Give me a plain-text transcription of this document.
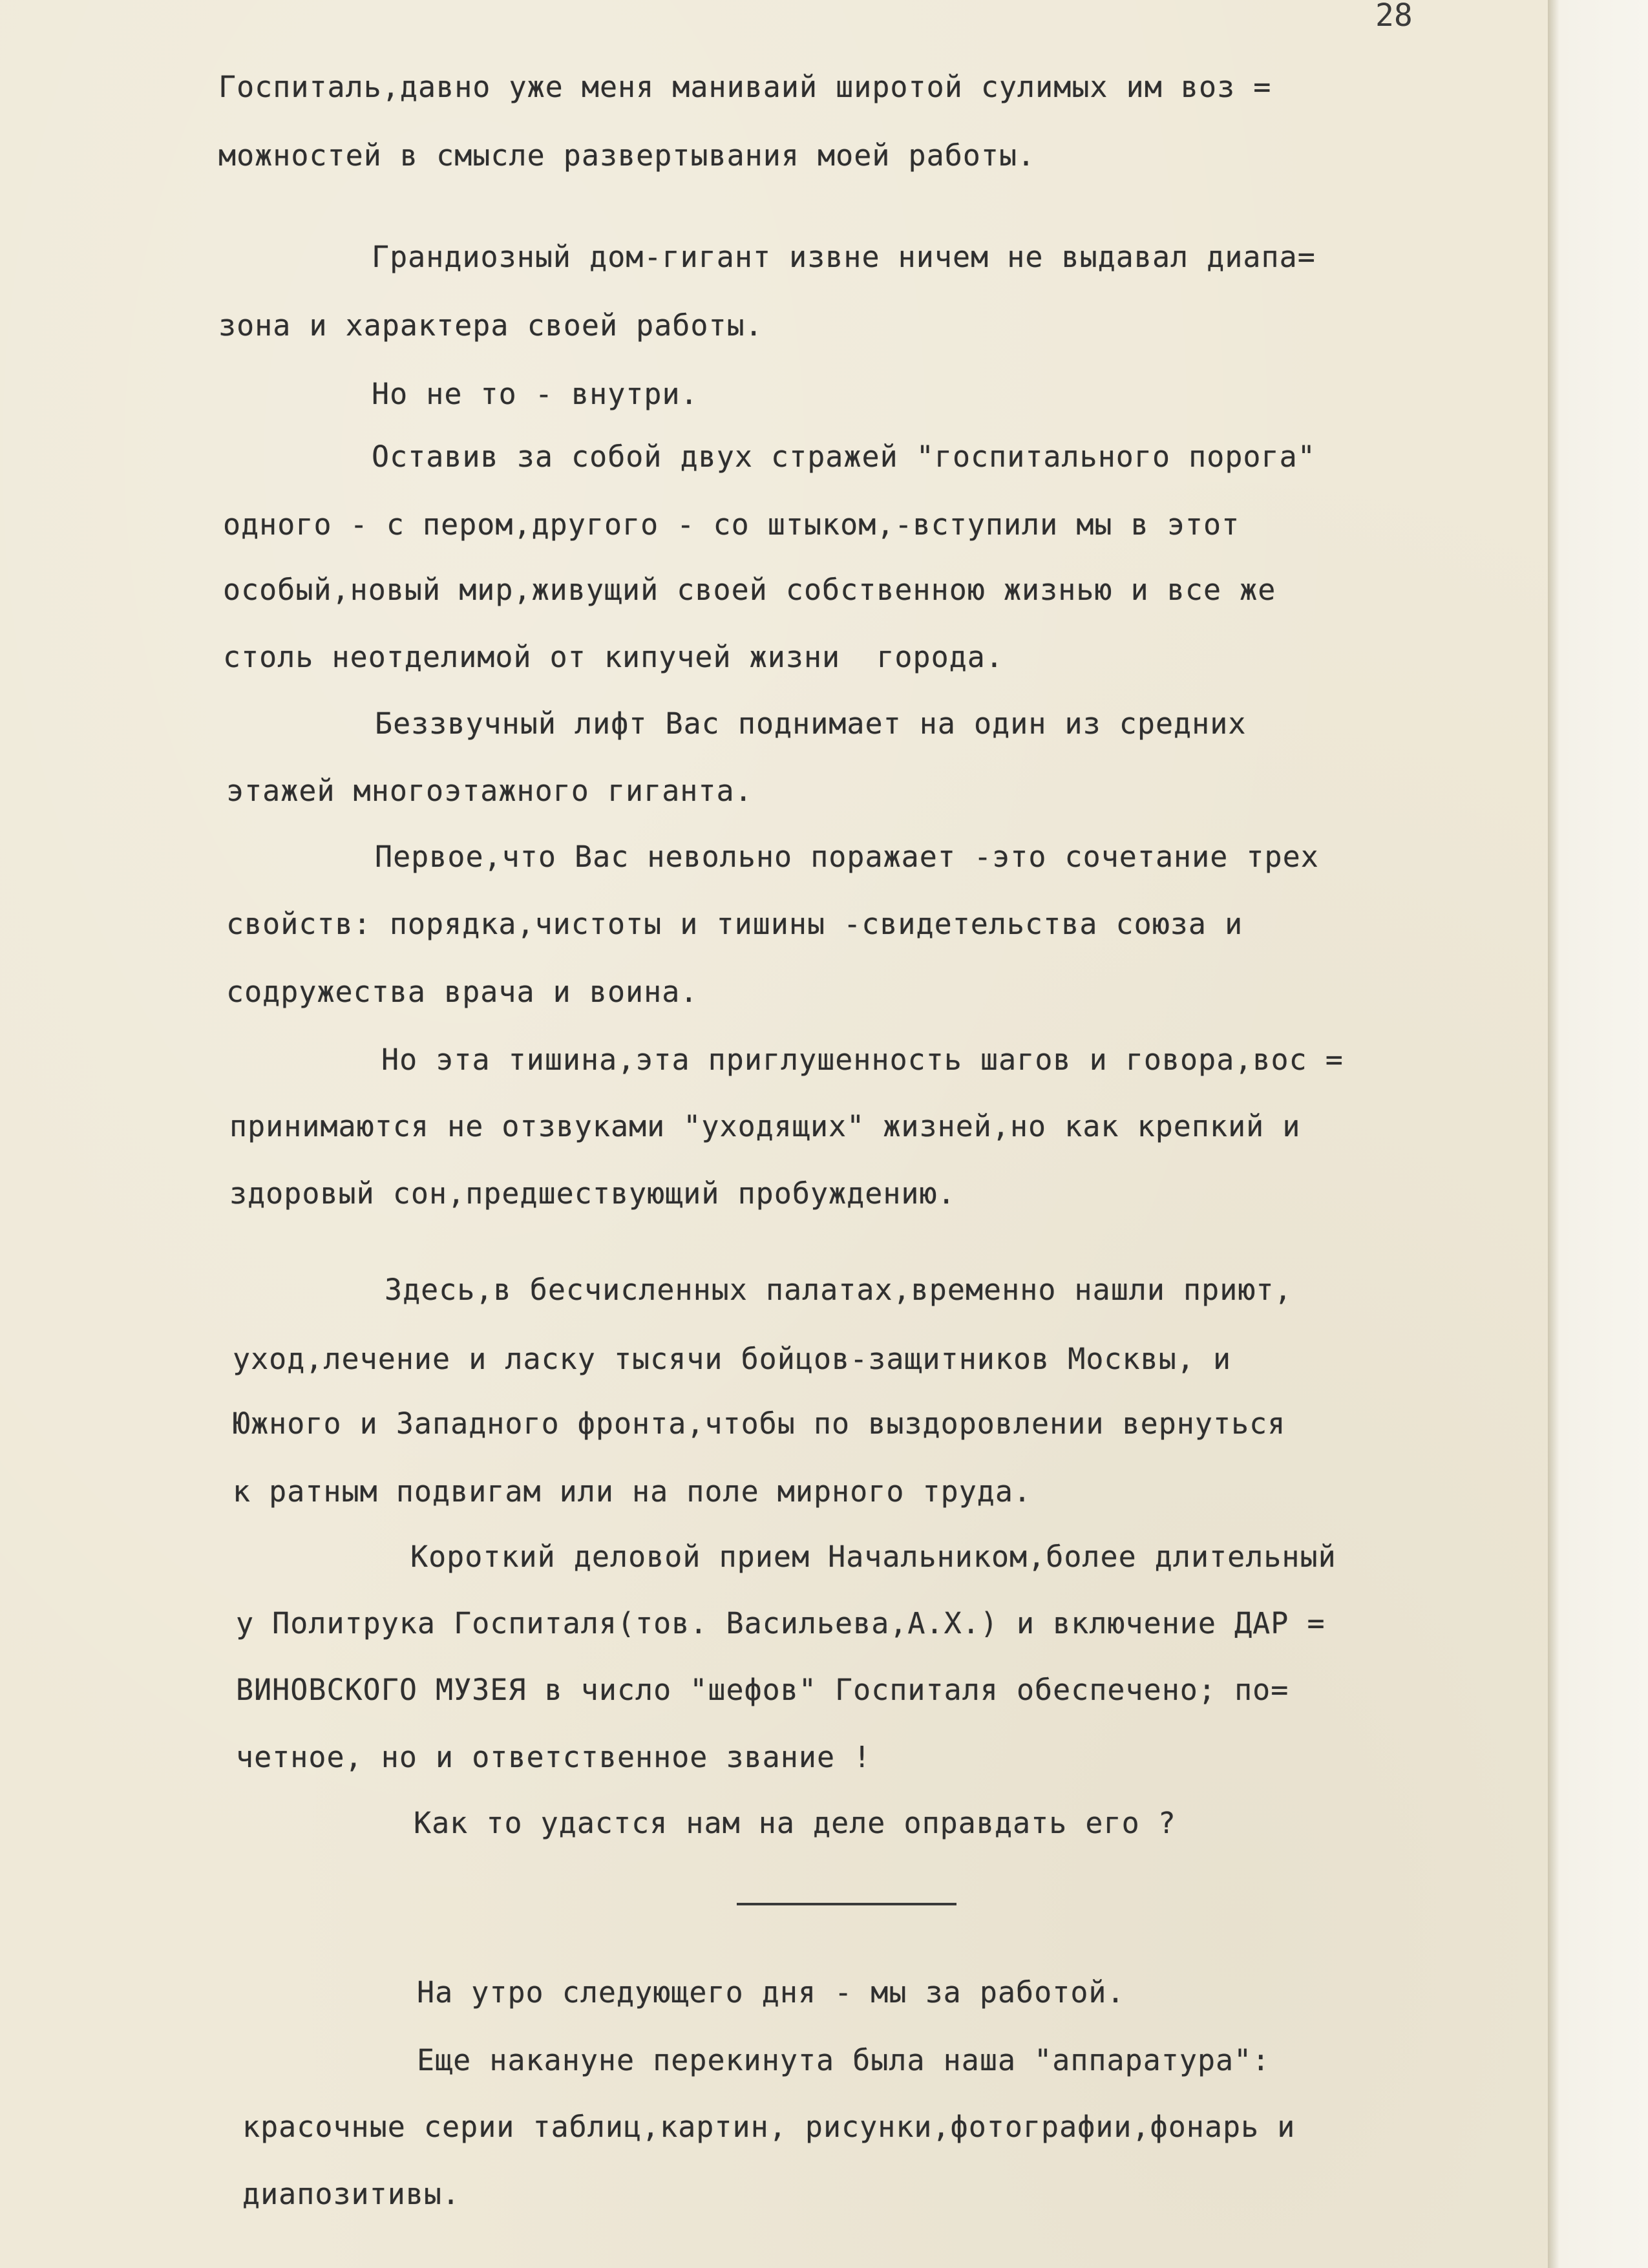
28
Госпиталь,давно уже меня маниваий широтой сулимых им воз =
можностей в смысле развертывания моей работы.
Грандиозный дом-гигант извне ничем не выдавал диапа=
зона и характера своей работы.
Но не то - внутри.
Оставив за собой двух стражей "госпитального порога"
одного - с пером,другого - со штыком,-вступили мы в этот
особый,новый мир,живущий своей собственною жизнью и все же
столь неотделимой от кипучей жизни  города.
Беззвучный лифт Вас поднимает на один из средних
этажей многоэтажного гиганта.
Первое,что Вас невольно поражает -это сочетание трех
свойств: порядка,чистоты и тишины -свидетельства союза и
содружества врача и воина.
Но эта тишина,эта приглушенность шагов и говора,вос =
принимаются не отзвуками "уходящих" жизней,но как крепкий и
здоровый сон,предшествующий пробуждению.
Здесь,в бесчисленных палатах,временно нашли приют,
уход,лечение и ласку тысячи бойцов-защитников Москвы, и
Южного и Западного фронта,чтобы по выздоровлении вернуться
к ратным подвигам или на поле мирного труда.
Короткий деловой прием Начальником,более длительный
у Политрука Госпиталя(тов. Васильева,А.Х.) и включение ДАР =
ВИНОВСКОГО МУЗЕЯ в число "шефов" Госпиталя обеспечено; по=
четное, но и ответственное звание !
Как то удастся нам на деле оправдать его ?
На утро следующего дня - мы за работой.
Еще накануне перекинута была наша "аппаратура":
красочные серии таблиц,картин, рисунки,фотографии,фонарь и
диапозитивы.
